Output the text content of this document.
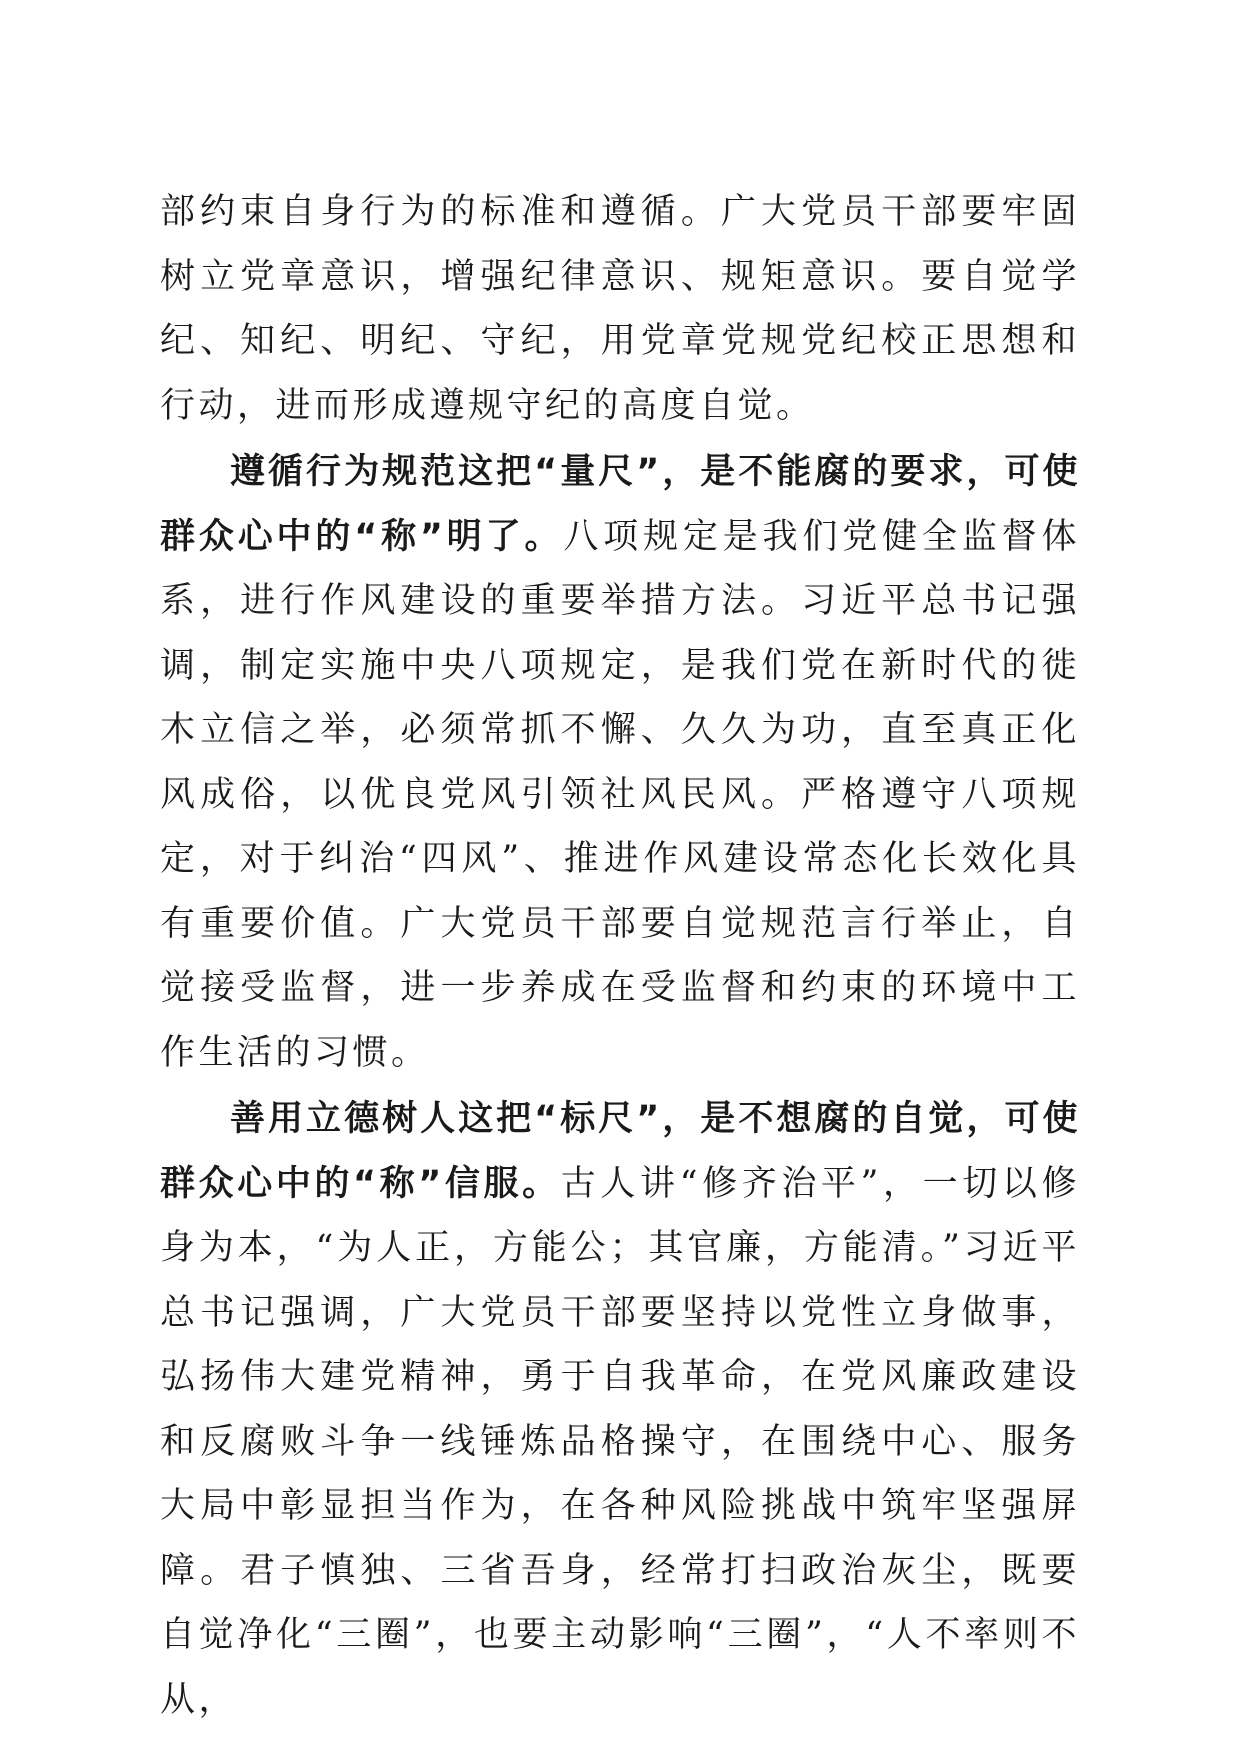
部约束自身行为的标准和遵循。广大党员干部要牢固树立党章意识，增强纪律意识、规矩意识。要自觉学纪、知纪、明纪、守纪，用党章党规党纪校正思想和行动，进而形成遵规守纪的高度自觉。

遵循行为规范这把“量尺”，是不能腐的要求，可使群众心中的“称”明了。八项规定是我们党健全监督体系，进行作风建设的重要举措方法。习近平总书记强调，制定实施中央八项规定，是我们党在新时代的徙木立信之举，必须常抓不懈、久久为功，直至真正化风成俗，以优良党风引领社风民风。严格遵守八项规定，对于纠治“四风”、推进作风建设常态化长效化具有重要价值。广大党员干部要自觉规范言行举止，自觉接受监督，进一步养成在受监督和约束的环境中工作生活的习惯。

善用立德树人这把“标尺”，是不想腐的自觉，可使群众心中的“称”信服。古人讲“修齐治平”，一切以修身为本，“为人正，方能公；其官廉，方能清。”习近平总书记强调，广大党员干部要坚持以党性立身做事，弘扬伟大建党精神，勇于自我革命，在党风廉政建设和反腐败斗争一线锤炼品格操守，在围绕中心、服务大局中彰显担当作为，在各种风险挑战中筑牢坚强屏障。君子慎独、三省吾身，经常打扫政治灰尘，既要自觉净化“三圈”，也要主动影响“三圈”，“人不率则不从，
